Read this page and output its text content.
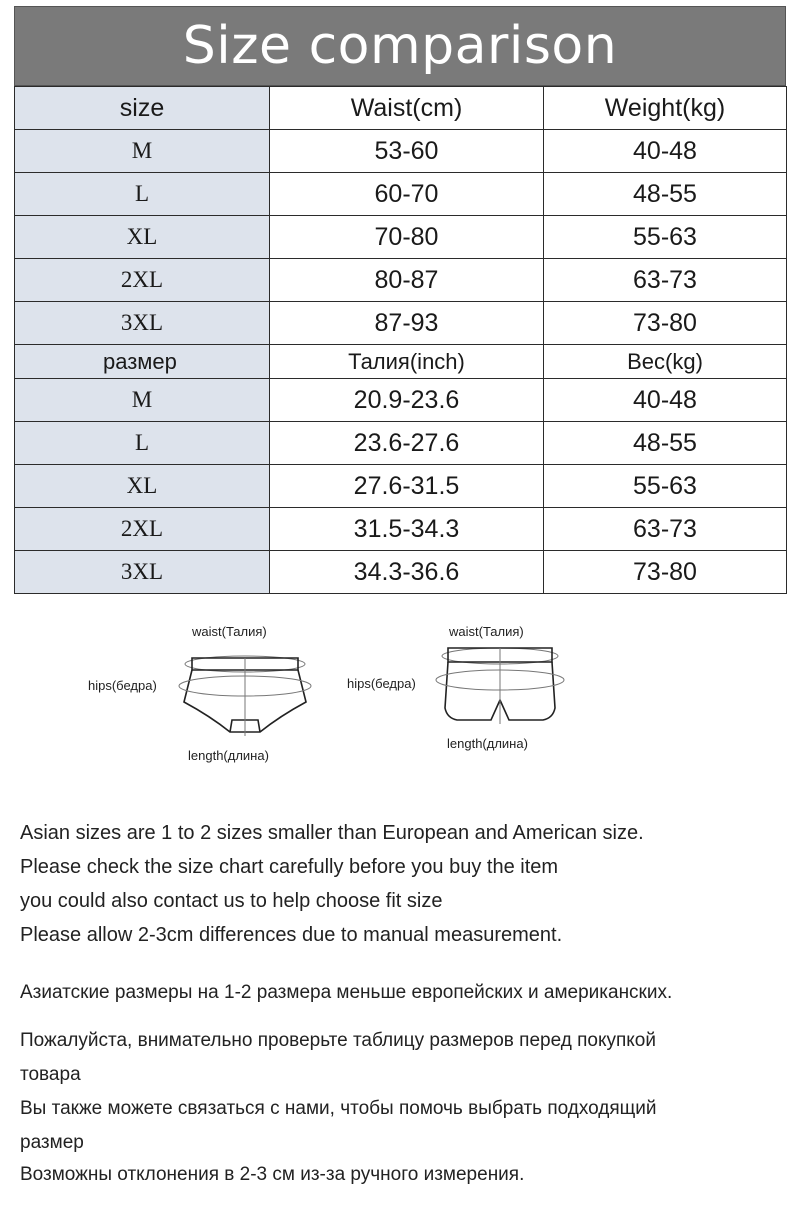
Size comparison
size	Waist(cm)	Weight(kg)
M	53-60	40-48
L	60-70	48-55
XL	70-80	55-63
2XL	80-87	63-73
3XL	87-93	73-80
размер	Талия(inch)	Bec(kg)
M	20.9-23.6	40-48
L	23.6-27.6	48-55
XL	27.6-31.5	55-63
2XL	31.5-34.3	63-73
3XL	34.3-36.6	73-80
waist(Талия)
hips(бедра)
length(длина)
waist(Талия)
hips(бедра)
length(длина)
Asian sizes are 1 to 2 sizes smaller than European and American size.
Please check the size chart carefully before you buy the item
you could also contact us to help choose fit size
Please allow 2-3cm differences due to manual measurement.
Азиатские размеры на 1-2 размера меньше европейских и американских.
Пожалуйста, внимательно проверьте таблицу размеров перед покупкой
товара
Вы также можете связаться с нами, чтобы помочь выбрать подходящий
размер
Возможны отклонения в 2-3 см из-за ручного измерения.
